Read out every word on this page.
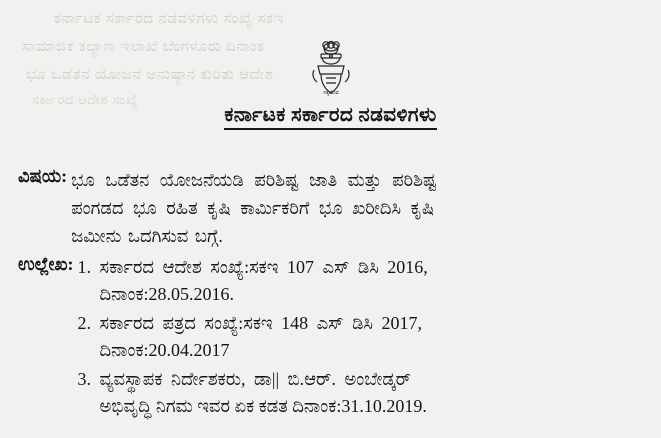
ಕರ್ನಾಟಕ ಸರ್ಕಾರದ ನಡವಳಿಗಳು ಸಂಖ್ಯೆ ಸಕಇ
ಸಾಮಾಜಿಕ ಕಲ್ಯಾಣ ಇಲಾಖೆ ಬೆಂಗಳೂರು ದಿನಾಂಕ
ಭೂ ಒಡೆತನ ಯೋಜನೆ ಅನುಷ್ಠಾನ ಕುರಿತು ಆದೇಶ
ಸರ್ಕಾರದ ಆದೇಶ ಸಂಖ್ಯೆ	ಸತ್ಯಮೇವ
ಕರ್ನಾಟಕ ಸರ್ಕಾರದ ನಡವಳಿಗಳು
ವಿಷಯ: ಭೂ ಒಡೆತನ ಯೋಜನೆಯಡಿ ಪರಿಶಿಷ್ಟ ಜಾತಿ ಮತ್ತು ಪರಿಶಿಷ್ಟ
ಪಂಗಡದ ಭೂ ರಹಿತ ಕೃಷಿ ಕಾರ್ಮಿಕರಿಗೆ ಭೂ ಖರೀದಿಸಿ ಕೃಷಿ
ಜಮೀನು ಒದಗಿಸುವ ಬಗ್ಗೆ.
ಉಲ್ಲೇಖ: 1. ಸರ್ಕಾರದ ಆದೇಶ ಸಂಖ್ಯೆ:ಸಕಇ 107 ಎಸ್ ಡಿಸಿ 2016,
ದಿನಾಂಕ:28.05.2016.
2. ಸರ್ಕಾರದ ಪತ್ರದ ಸಂಖ್ಯೆ:ಸಕಇ 148 ಎಸ್ ಡಿಸಿ 2017,
ದಿನಾಂಕ:20.04.2017
3. ವ್ಯವಸ್ಥಾಪಕ ನಿರ್ದೇಶಕರು, ಡಾ|| ಬಿ.ಆರ್. ಅಂಬೇಡ್ಕರ್
ಅಭಿವೃದ್ಧಿ ನಿಗಮ ಇವರ ಏಕ ಕಡತ ದಿನಾಂಕ:31.10.2019.
